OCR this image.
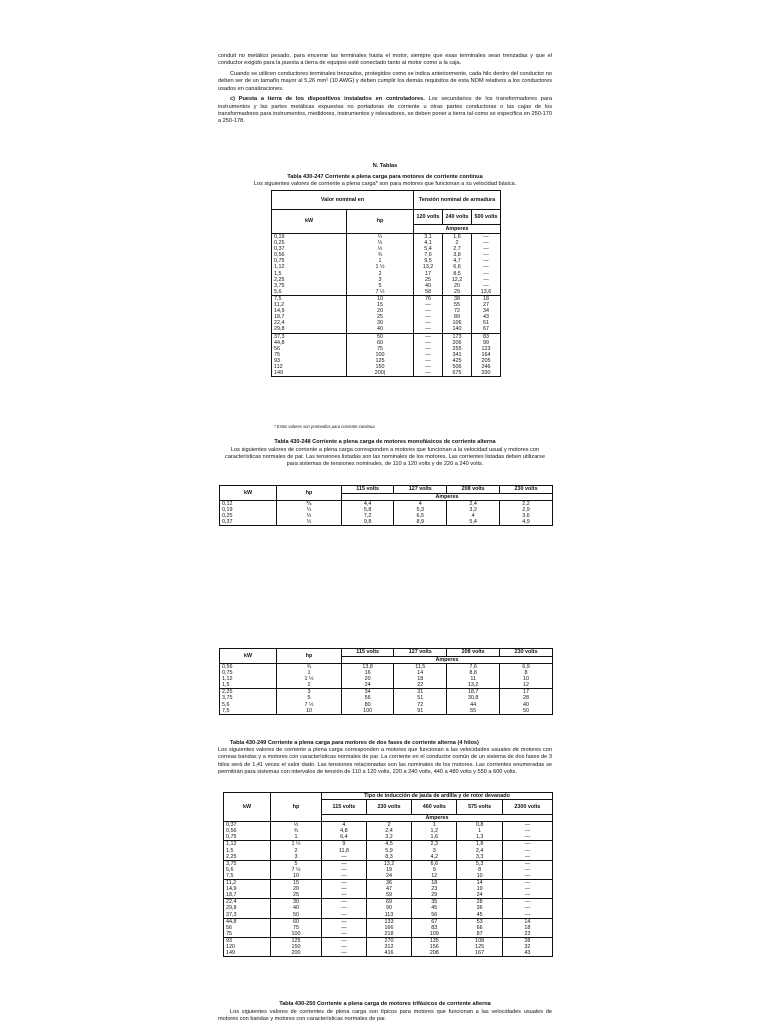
conduit no metálico pesado, para encerrar las terminales hasta el motor, siempre que esas terminales sean trenzadas y que el conductor exigido para la puesta a tierra de equipos esté conectado tanto al motor como a la caja.

Cuando se utilicen conductores terminales trenzados, protegidos como se indica anteriormente, cada hilo dentro del conductor no deben ser de un tamaño mayor al 5,26 mm² (10 AWG) y deben cumplir los demás requisitos de esta NOM relativos a los conductores usados en canalizaciones.

c) Puesta a tierra de los dispositivos instalados en controladores. Los secundarios de los transformadores para instrumentos y las partes metálicas expuestas no portadoras de corriente u otras partes conductoras o las cajas de los transformadores para instrumentos, medidores, instrumentos y relevadores, se deben poner a tierra tal como se especifica en 250-170 a 250-178.

N. Tablas
Tabla 430-247 Corriente a plena carga para motores de corriente continua
Los siguientes valores de corriente a plena carga* son para motores que funcionan a su velocidad básica.
Valor nominal en		Tensión nominal de armadura		
kW	hp	120 volts	240 volts	500 volts
		Amperes		
0,19	¼	3,1	1,6	—
0,25	⅓	4,1	2	—
0,37	½	5,4	2,7	—
0,56	¾	7,6	3,8	—
0,75	1	9,5	4,7	—
1,12	1 ½	13,2	6,6	—
1,5	2	17	8,5	—
2,25	3	25	12,2	—
3,75	5	40	20	—
5,6	7 ½	58	29	13,6
7,5	10	76	38	18
11,2	15	—	55	27
14,9	20	—	72	34
18,7	25	—	89	43
22,4	30	—	106	51
29,8	40	—	140	67
37,3	50	—	173	83
44,8	60	—	206	99
56	75	—	255	123
75	100	—	341	164
93	125	—	425	205
112	150	—	506	246
149	200|	—	675	330
* Estos valores son promedios para corriente continua.
Tabla 430-248 Corriente a plena carga de motores monofásicos de corriente alterna
Los siguientes valores de corriente a plena carga corresponden a motores que funcionan a la velocidad usual y motores con características normales de par. Las tensiones listadas son las nominales de los motores. Las corrientes listadas deben utilizarse para sistemas de tensiones nominales, de 110 a 120 volts y de 220 a 240 volts.
kW	hp	115 volts	127 volts	208 volts	230 volts
		Amperes			
0,12	⅙	4,4	4	2,4	2,2
0,19	¼	5,8	5,3	3,2	2,9
0,25	⅓	7,2	6,5	4	3,6
0,37	½	9,8	8,9	5,4	4,9
kW	hp	115 volts	127 volts	208 volts	230 volts
		Amperes			
0,56	¾	13,8	11,5	7,6	6,9
0,75	1	16	14	8,8	8
1,12	1 ½	20	18	11	10
1,5	2	24	22	13,2	12
2,25	3	34	31	18,7	17
3,75	5	56	51	30,8	28
5,6	7 ½	80	72	44	40
7,5	10	100	91	55	50
Tabla 430-249 Corriente a plena carga para motores de dos fases de corriente alterna (4 hilos)
Los siguientes valores de corriente a plena carga corresponden a motores que funcionan a las velocidades usuales de motores con correas bandas y a motores con características normales de par. La corriente en el conductor común de un sistema de dos fases de 3 hilos será de 1,41 veces el valor dado. Las tensiones relacionadas son las nominales de los motores. Las corrientes enumeradas se permitirán para sistemas con intervalos de tensión de 110 a 120 volts, 220 a 240 volts, 440 a 480 volts y 550 a 600 volts.
kW	hp	Tipo de inducción de jaula de ardilla y de rotor devanado				
		115 volts	230 volts	460 volts	575 volts	2300 volts
		Amperes				
0,37	½	4	2	1	0,8	—
0,56	¾	4,8	2,4	1,2	1	—
0,75	1	6,4	3,2	1,6	1,3	—
1,12	1 ½	9	4,5	2,3	1,8	—
1,5	2	11,8	5,9	3	2,4	—
2,25	3	—	8,3	4,2	3,3	—
3,75	5	—	13,2	6,6	5,3	—
5,6	7 ½	—	19	9	8	—
7,5	10	—	24	12	10	—
11,2	15	—	36	18	14	—
14,9	20	—	47	23	19	—
18,7	25	—	59	29	24	—
22,4	30	—	69	35	28	—
29,8	40	—	90	45	36	—
37,3	50	—	113	56	45	—
44,8	60	—	133	67	53	14
56	75	—	166	83	66	18
75	100	—	218	109	87	23
93	125	—	270	135	108	28
120	150	—	312	156	125	32
149	200	—	416	208	167	43
Tabla 430-250 Corriente a plena carga de motores trifásicos de corriente alterna
Los siguientes valores de corrientes de plena carga son típicos para motores que funcionan a las velocidades usuales de motores con bandas y motores con características normales de par.
